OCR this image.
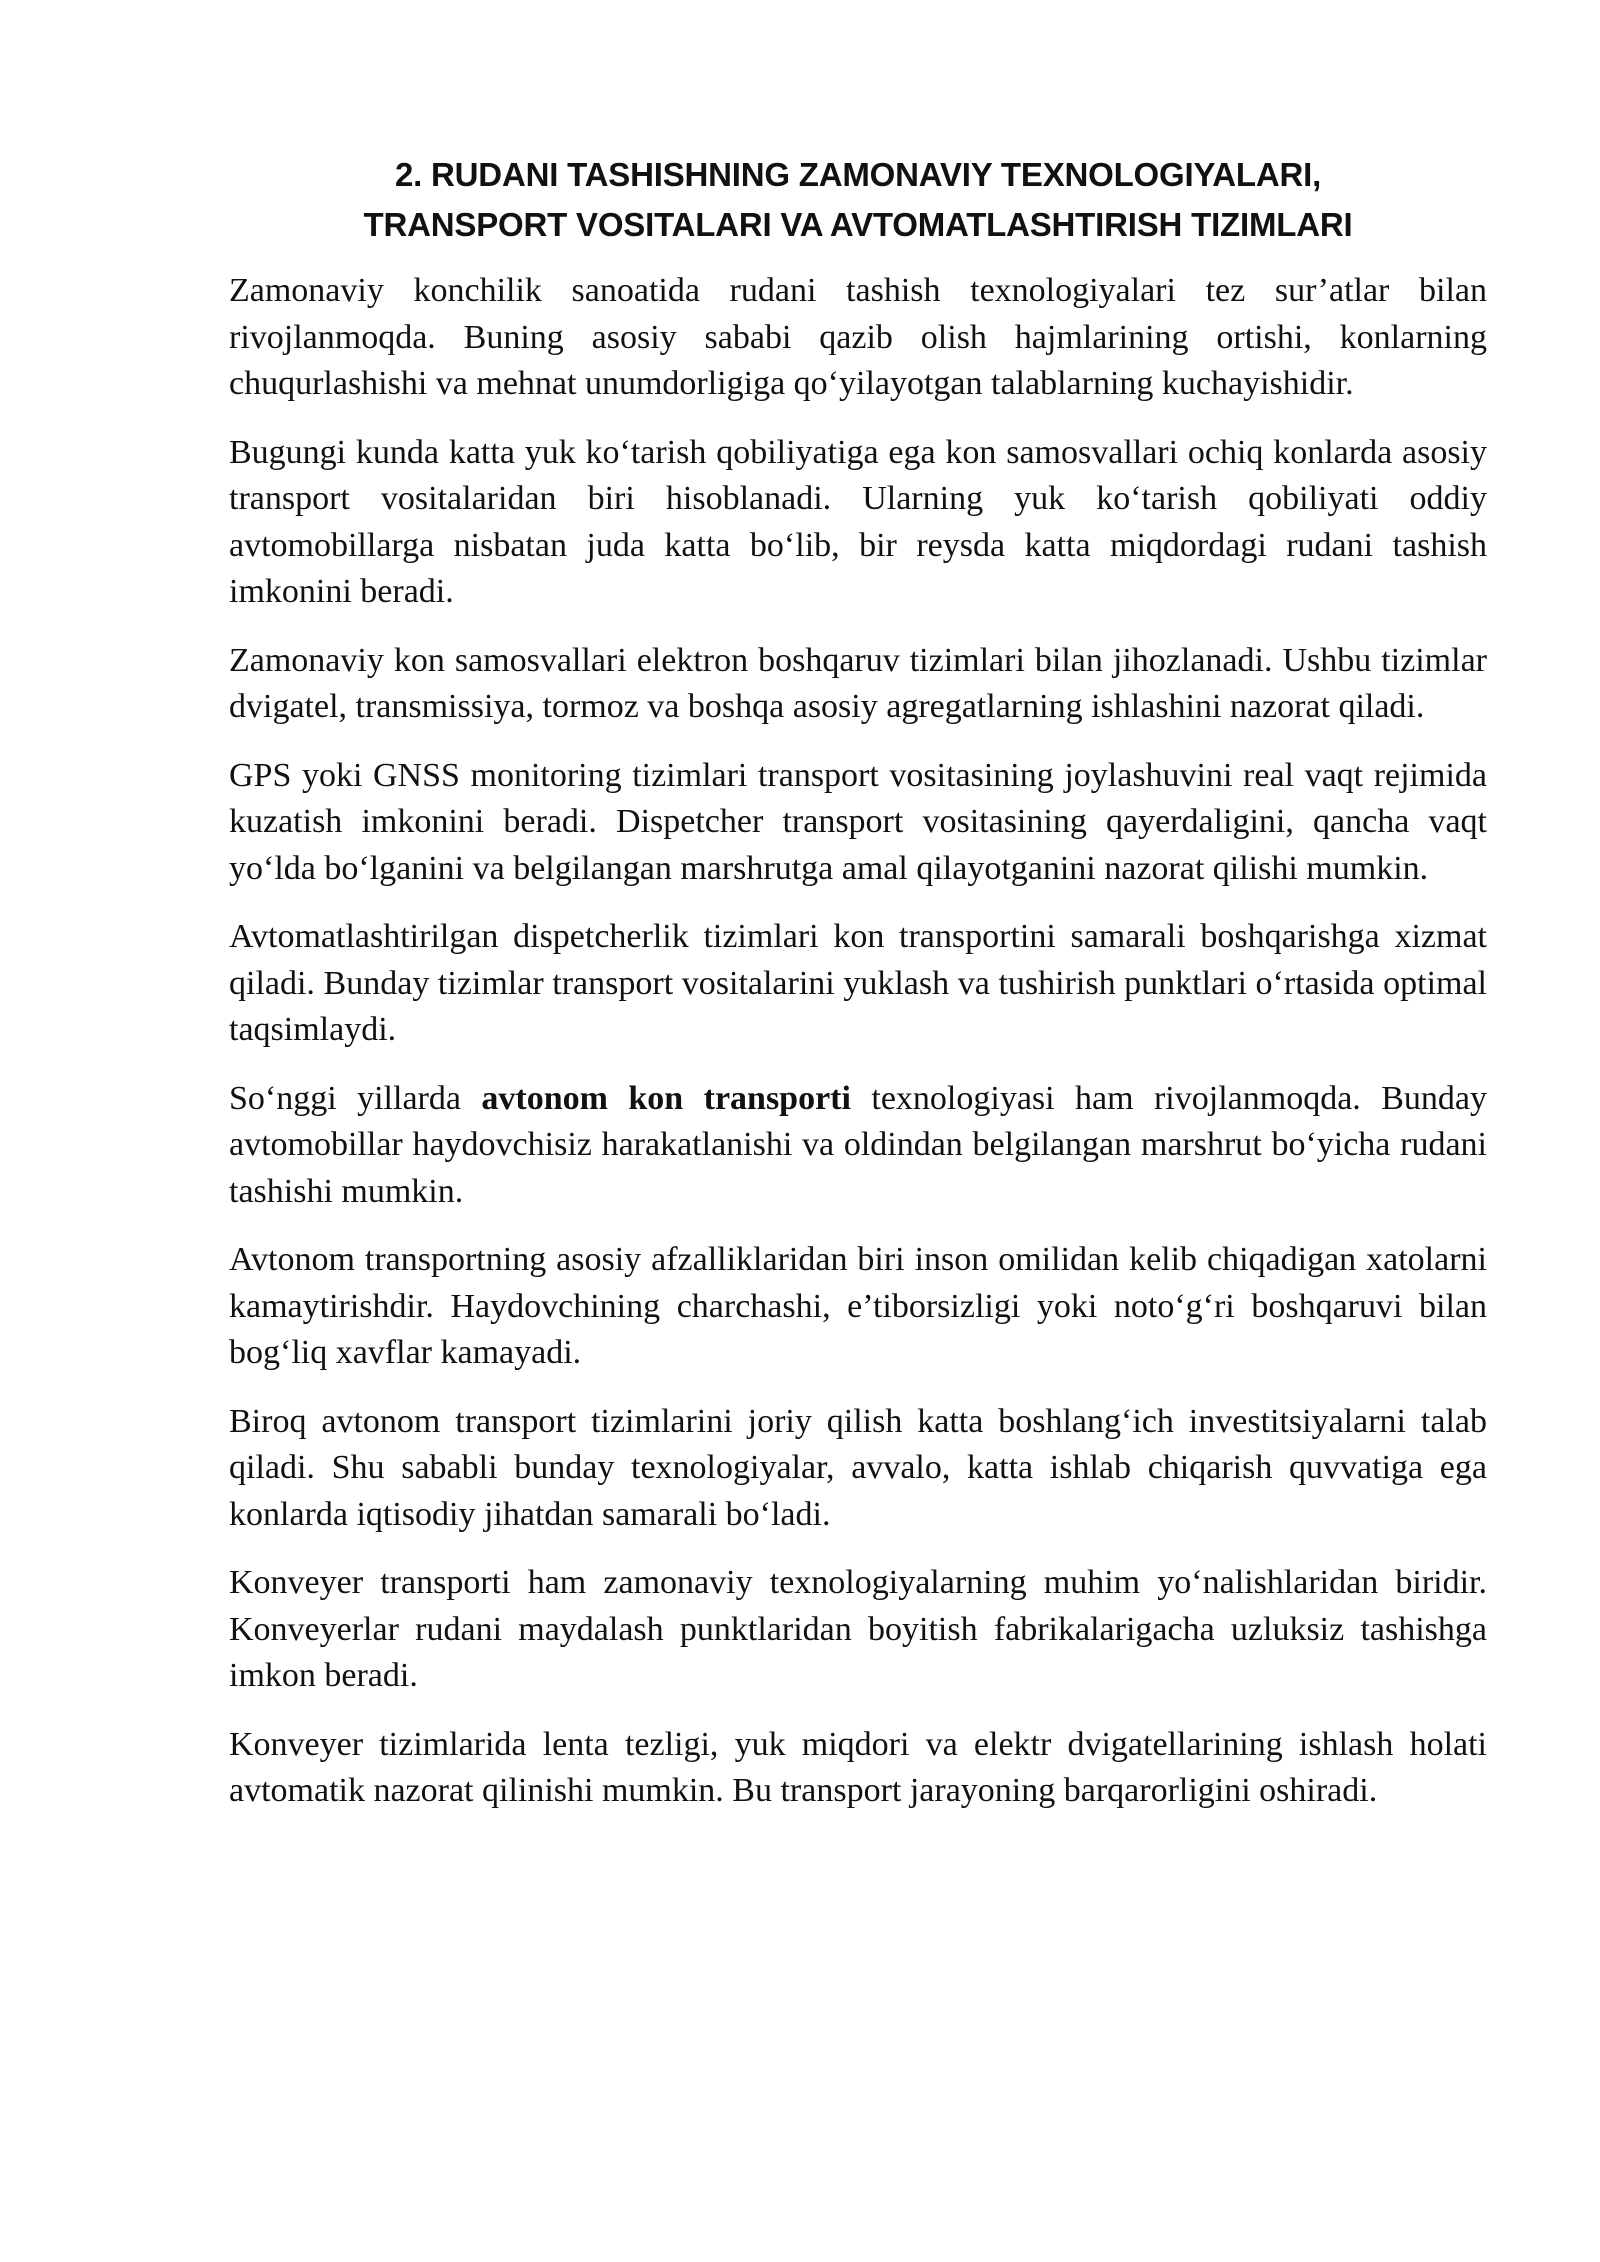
2. RUDANI TASHISHNING ZAMONAVIY TEXNOLOGIYALARI,
TRANSPORT VOSITALARI VA AVTOMATLASHTIRISH TIZIMLARI

Zamonaviy konchilik sanoatida rudani tashish texnologiyalari tez sur’atlar bilan rivojlanmoqda. Buning asosiy sababi qazib olish hajmlarining ortishi, konlarning chuqurlashishi va mehnat unumdorligiga qo‘yilayotgan talablarning kuchayishidir.

Bugungi kunda katta yuk ko‘tarish qobiliyatiga ega kon samosvallari ochiq konlarda asosiy transport vositalaridan biri hisoblanadi. Ularning yuk ko‘tarish qobiliyati oddiy avtomobillarga nisbatan juda katta bo‘lib, bir reysda katta miqdordagi rudani tashish imkonini beradi.

Zamonaviy kon samosvallari elektron boshqaruv tizimlari bilan jihozlanadi. Ushbu tizimlar dvigatel, transmissiya, tormoz va boshqa asosiy agregatlarning ishlashini nazorat qiladi.

GPS yoki GNSS monitoring tizimlari transport vositasining joylashuvini real vaqt rejimida kuzatish imkonini beradi. Dispetcher transport vositasining qayerdaligini, qancha vaqt yo‘lda bo‘lganini va belgilangan marshrutga amal qilayotganini nazorat qilishi mumkin.

Avtomatlashtirilgan dispetcherlik tizimlari kon transportini samarali boshqarishga xizmat qiladi. Bunday tizimlar transport vositalarini yuklash va tushirish punktlari o‘rtasida optimal taqsimlaydi.

So‘nggi yillarda avtonom kon transporti texnologiyasi ham rivojlanmoqda. Bunday avtomobillar haydovchisiz harakatlanishi va oldindan belgilangan marshrut bo‘yicha rudani tashishi mumkin.

Avtonom transportning asosiy afzalliklaridan biri inson omilidan kelib chiqadigan xatolarni kamaytirishdir. Haydovchining charchashi, e’tiborsizligi yoki noto‘g‘ri boshqaruvi bilan bog‘liq xavflar kamayadi.

Biroq avtonom transport tizimlarini joriy qilish katta boshlang‘ich investitsiyalarni talab qiladi. Shu sababli bunday texnologiyalar, avvalo, katta ishlab chiqarish quvvatiga ega konlarda iqtisodiy jihatdan samarali bo‘ladi.

Konveyer transporti ham zamonaviy texnologiyalarning muhim yo‘nalishlaridan biridir. Konveyerlar rudani maydalash punktlaridan boyitish fabrikalarigacha uzluksiz tashishga imkon beradi.

Konveyer tizimlarida lenta tezligi, yuk miqdori va elektr dvigatellarining ishlash holati avtomatik nazorat qilinishi mumkin. Bu transport jarayoning barqarorligini oshiradi.
